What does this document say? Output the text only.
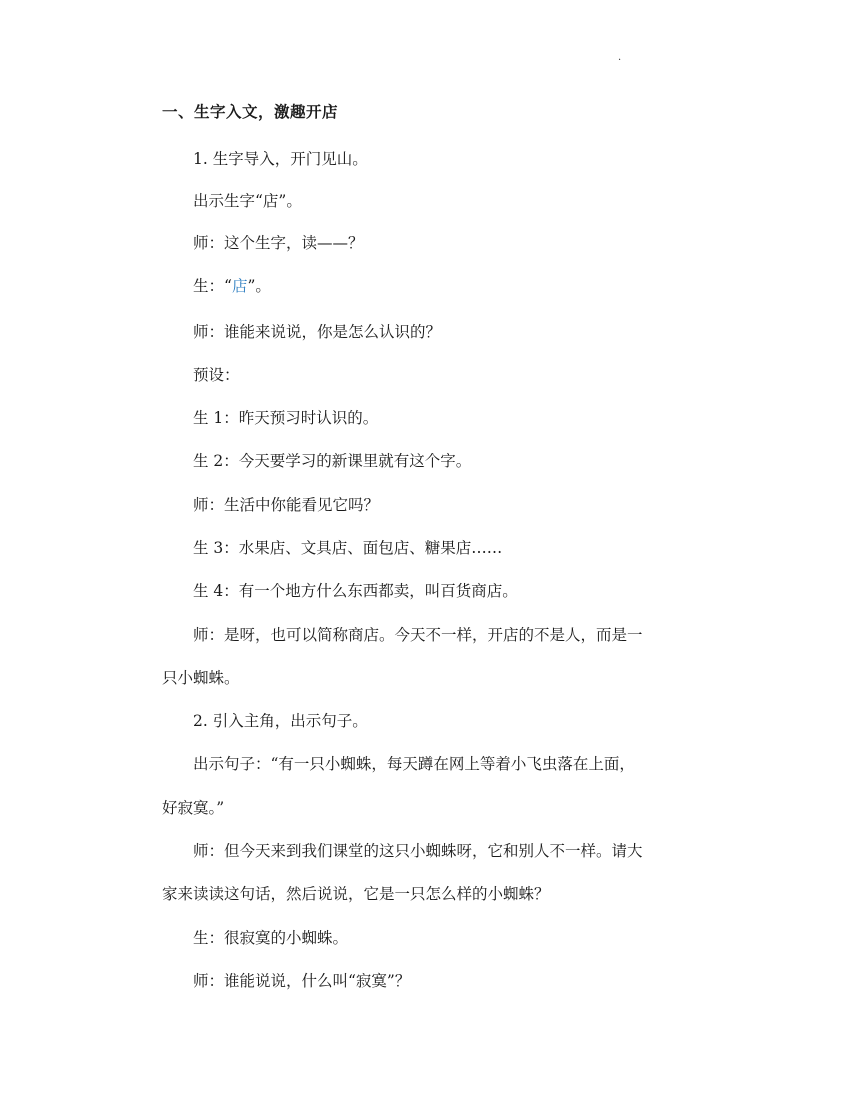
.
一、生字入文，激趣开店
1. 生字导入，开门见山。
出示生字“店”。
师：这个生字，读——？
生：“店”。
师：谁能来说说，你是怎么认识的？
预设：
生 1：昨天预习时认识的。
生 2：今天要学习的新课里就有这个字。
师：生活中你能看见它吗？
生 3：水果店、文具店、面包店、糖果店……
生 4：有一个地方什么东西都卖，叫百货商店。
师：是呀，也可以简称商店。今天不一样，开店的不是人，而是一
只小蜘蛛。
2. 引入主角，出示句子。
出示句子：“有一只小蜘蛛，每天蹲在网上等着小飞虫落在上面，
好寂寞。”
师：但今天来到我们课堂的这只小蜘蛛呀，它和别人不一样。请大
家来读读这句话，然后说说，它是一只怎么样的小蜘蛛？
生：很寂寞的小蜘蛛。
师：谁能说说，什么叫“寂寞”？
